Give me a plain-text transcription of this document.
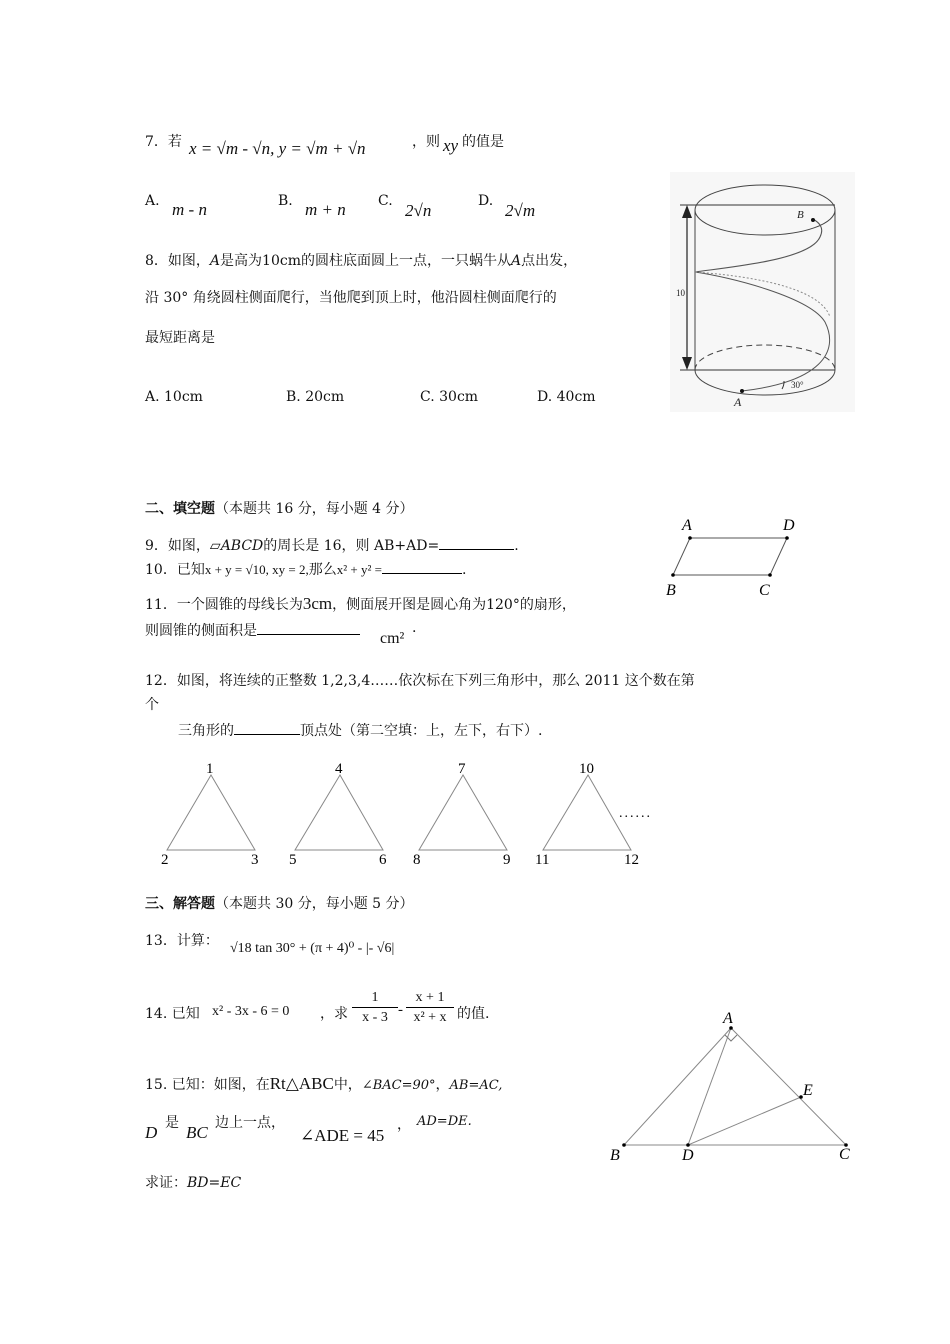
7．若 x = √m - √n, y = √m + √n	，则 xy 的值是
A. m - n	B. m + n C. 2√n	D. 2√m
8．如图，A是高为10cm的圆柱底面圆上一点，一只蜗牛从A点出发，
沿 30° 角绕圆柱侧面爬行，当他爬到顶上时，他沿圆柱侧面爬行的
最短距离是
A. 10cm	B. 20cm	C. 30cm	D. 40cm
10
B
A
30°
二、填空题（本题共 16 分，每小题 4 分）
9．如图，▱ABCD的周长是 16，则 AB+AD=	.
A	D
B	C
10．已知x + y = √10, xy = 2,那么x² + y² =	.
11．一个圆锥的母线长为3cm，侧面展开图是圆心角为120°的扇形，
则圆锥的侧面积是	cm²
.
12．如图，将连续的正整数 1,2,3,4……依次标在下列三角形中，那么 2011 这个数在第
个
三角形的	顶点处（第二空填：上，左下，右下）.
1
2	3
4
5	6
7
8	9
10
11	12
......
三、解答题（本题共 30 分，每小题 5 分）
13．计算： √18 tan 30° + (π + 4)⁰ - |- √6|
14. 已知 x² - 3x - 6 = 0 ，求
1
x - 3 -
x + 1
x² + x 的值.
15. 已知：如图，在Rt△ABC中，∠BAC=90°，AB=AC,
D 是 BC 边上一点，
∠ADE = 45
， AD=DE.
求证：BD=EC
A
B	D	C
E
